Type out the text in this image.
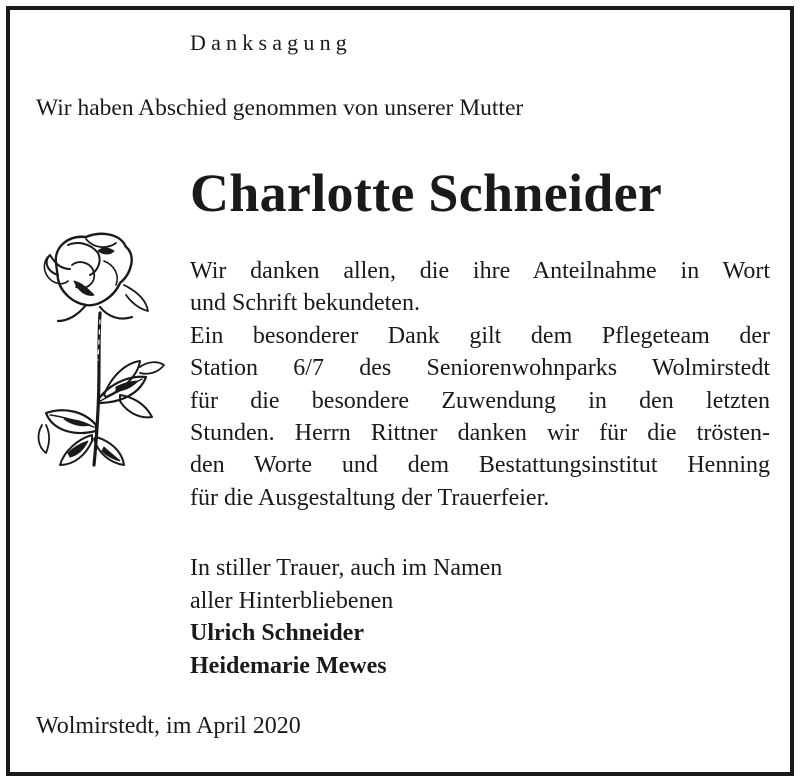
Danksagung
Wir haben Abschied genommen von unserer Mutter
Charlotte Schneider
Wir danken allen, die ihre Anteilnahme in Wort
und Schrift bekundeten.
Ein besonderer Dank gilt dem Pflegeteam der
Station 6/7 des Seniorenwohnparks Wolmirstedt
für die besondere Zuwendung in den letzten
Stunden. Herrn Rittner danken wir für die trösten-
den Worte und dem Bestattungsinstitut Henning
für die Ausgestaltung der Trauerfeier.
In stiller Trauer, auch im Namen
aller Hinterbliebenen
Ulrich Schneider
Heidemarie Mewes
Wolmirstedt, im April 2020
